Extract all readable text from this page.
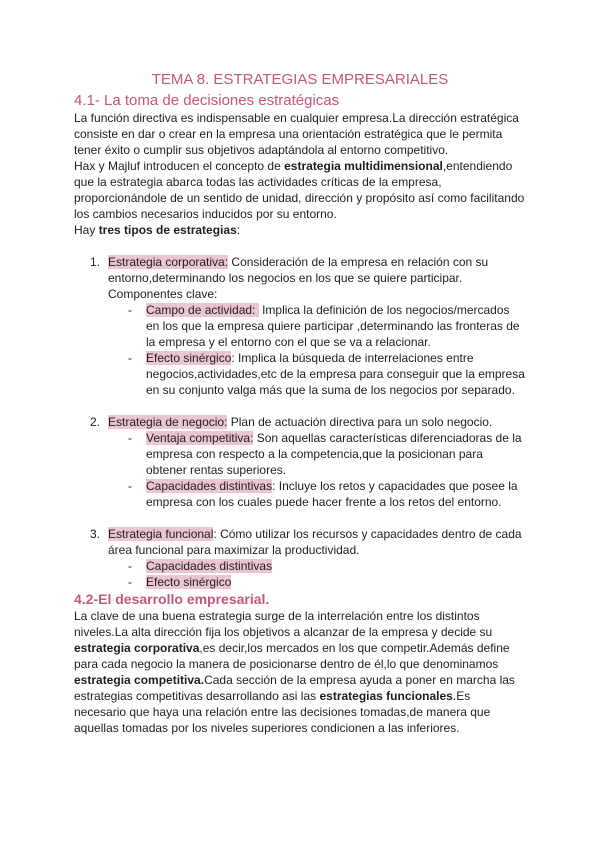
TEMA 8. ESTRATEGIAS EMPRESARIALES
4.1- La toma de decisiones estratégicas
La función directiva es indispensable en cualquier empresa.La dirección estratégica
consiste en dar o crear en la empresa una orientación estratégica que le permita
tener éxito o cumplir sus objetivos adaptándola al entorno competitivo.
Hax y Majluf introducen el concepto de estrategia multidimensional,entendiendo
que la estrategia abarca todas las actividades críticas de la empresa,
proporcionándole de un sentido de unidad, dirección y propósito así como facilitando
los cambios necesarios inducidos por su entorno.
Hay tres tipos de estrategias:
1. Estrategia corporativa: Consideración de la empresa en relación con su
entorno,determinando los negocios en los que se quiere participar.
Componentes clave:
- Campo de actividad:  Implica la definición de los negocios/mercados
en los que la empresa quiere participar ,determinando las fronteras de
la empresa y el entorno con el que se va a relacionar.
- Efecto sinérgico: Implica la búsqueda de interrelaciones entre
negocios,actividades,etc de la empresa para conseguir que la empresa
en su conjunto valga más que la suma de los negocios por separado.
2. Estrategia de negocio: Plan de actuación directiva para un solo negocio.
- Ventaja competitiva: Son aquellas características diferenciadoras de la
empresa con respecto a la competencia,que la posicionan para
obtener rentas superiores.
- Capacidades distintivas: Incluye los retos y capacidades que posee la
empresa con los cuales puede hacer frente a los retos del entorno.
3. Estrategia funcional: Cómo utilizar los recursos y capacidades dentro de cada
área funcional para maximizar la productividad.
- Capacidades distintivas
- Efecto sinérgico
4.2-El desarrollo empresarial.
La clave de una buena estrategia surge de la interrelación entre los distintos
niveles.La alta dirección fija los objetivos a alcanzar de la empresa y decide su
estrategia corporativa,es decir,los mercados en los que competir.Además define
para cada negocio la manera de posicionarse dentro de él,lo que denominamos
estrategia competitiva.Cada sección de la empresa ayuda a poner en marcha las
estrategias competitivas desarrollando asi las estrategias funcionales.Es
necesario que haya una relación entre las decisiones tomadas,de manera que
aquellas tomadas por los niveles superiores condicionen a las inferiores.
